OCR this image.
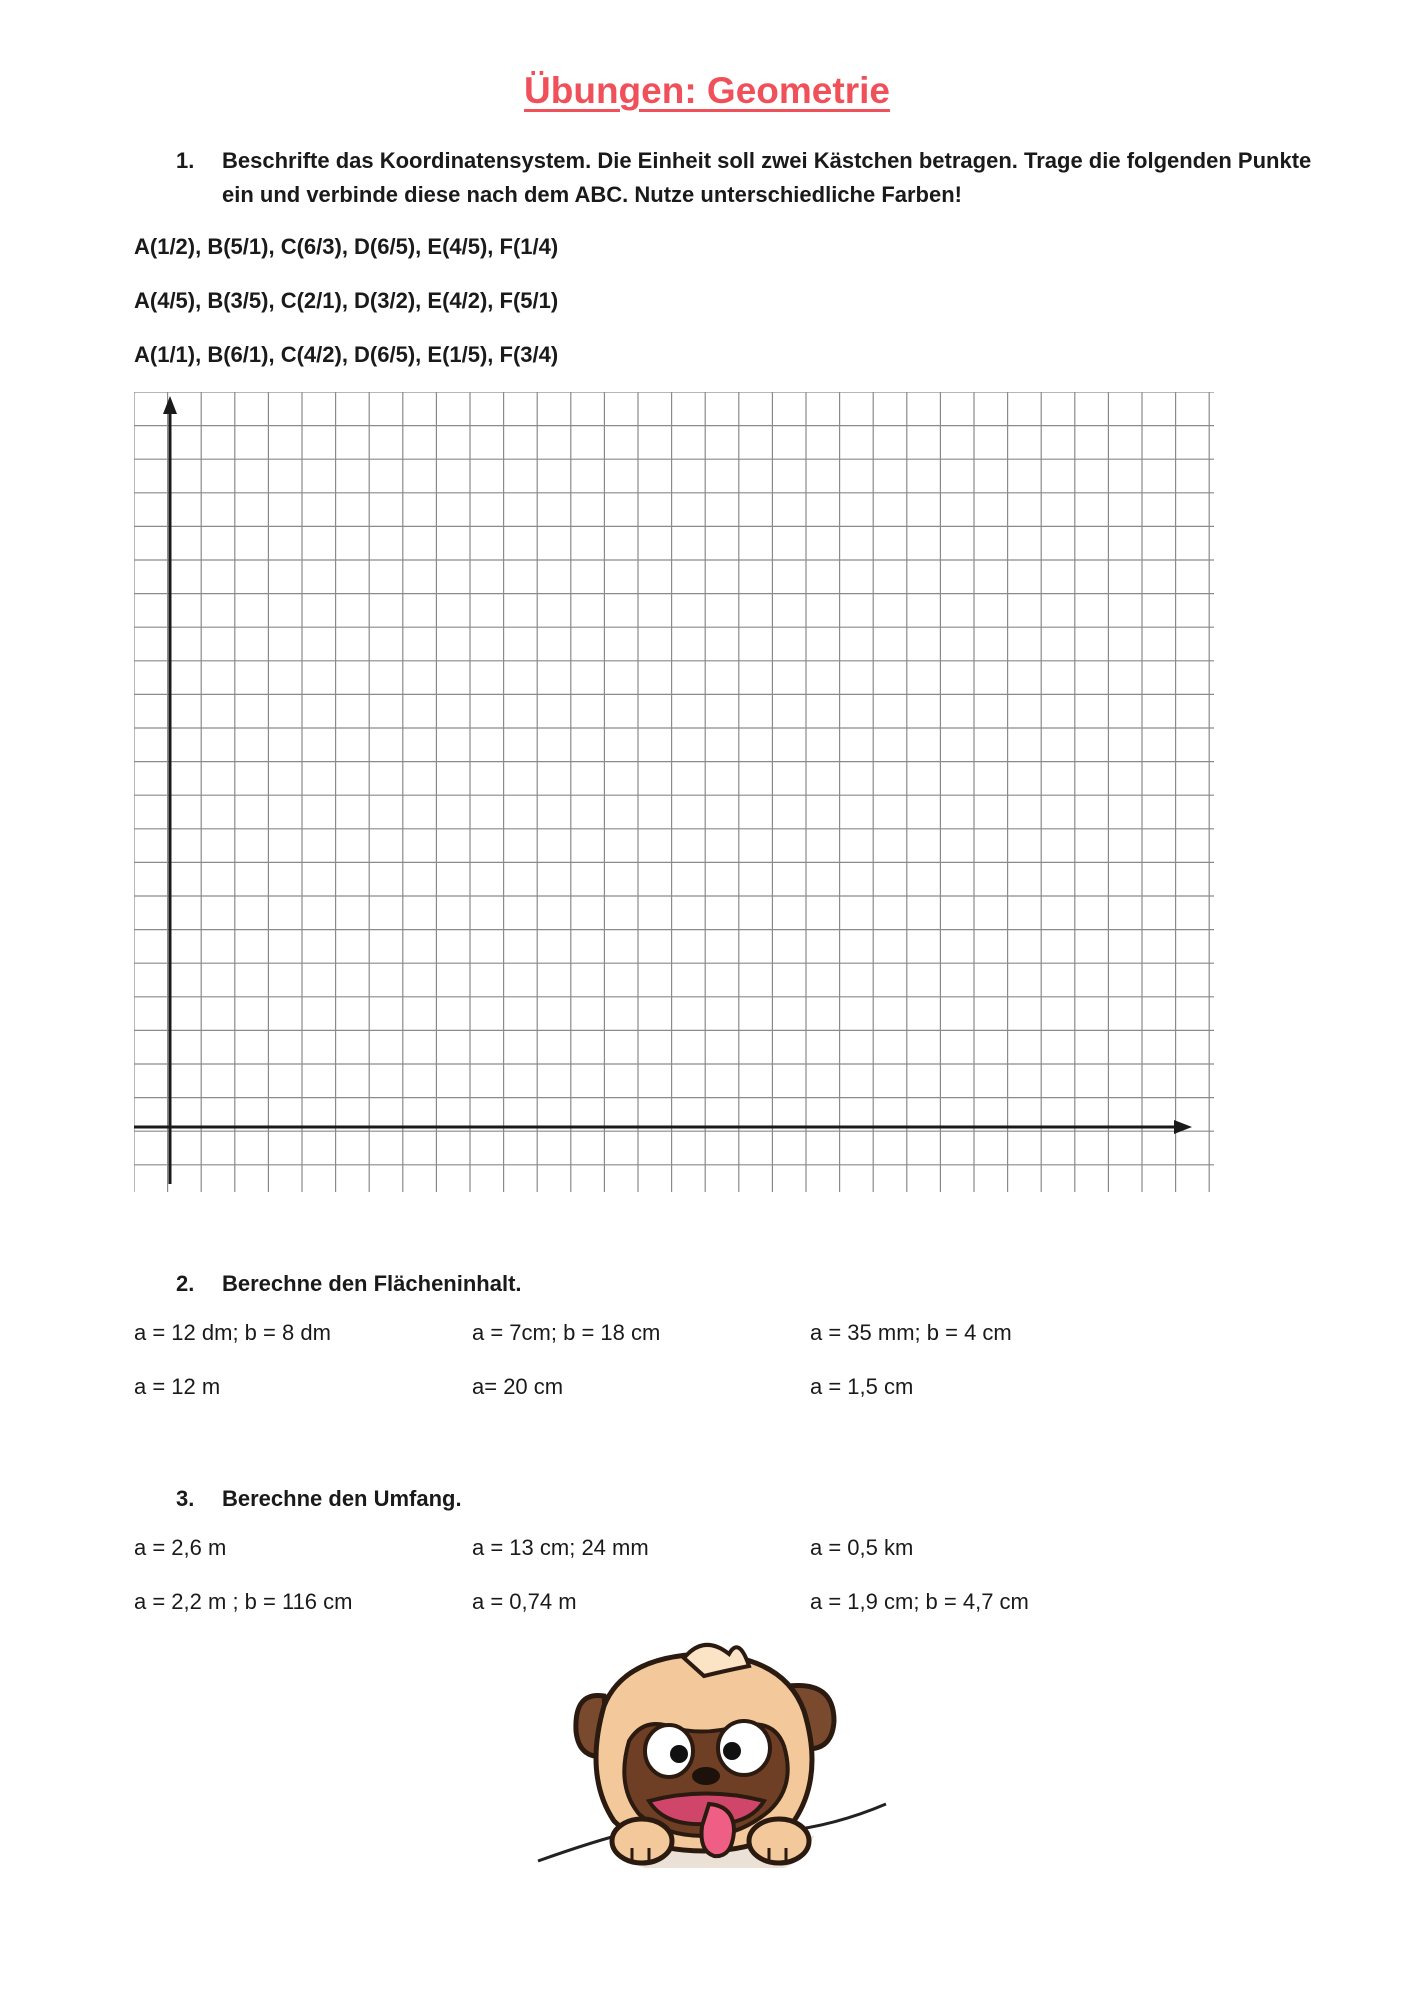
Übungen: Geometrie
1. Beschrifte das Koordinatensystem. Die Einheit soll zwei Kästchen betragen. Trage die folgenden Punkte ein und verbinde diese nach dem ABC. Nutze unterschiedliche Farben!
A(1/2), B(5/1), C(6/3), D(6/5), E(4/5), F(1/4)
A(4/5), B(3/5), C(2/1), D(3/2), E(4/2), F(5/1)
A(1/1), B(6/1), C(4/2), D(6/5), E(1/5), F(3/4)
2. Berechne den Flächeninhalt.
a = 12 dm; b = 8 dm	a = 7cm; b = 18 cm	a = 35 mm; b = 4 cm
a = 12 m	a= 20 cm	a = 1,5 cm
3. Berechne den Umfang.
a = 2,6 m	a = 13 cm; 24 mm	a = 0,5 km
a = 2,2 m ; b = 116 cm	a = 0,74 m	a = 1,9 cm; b = 4,7 cm
